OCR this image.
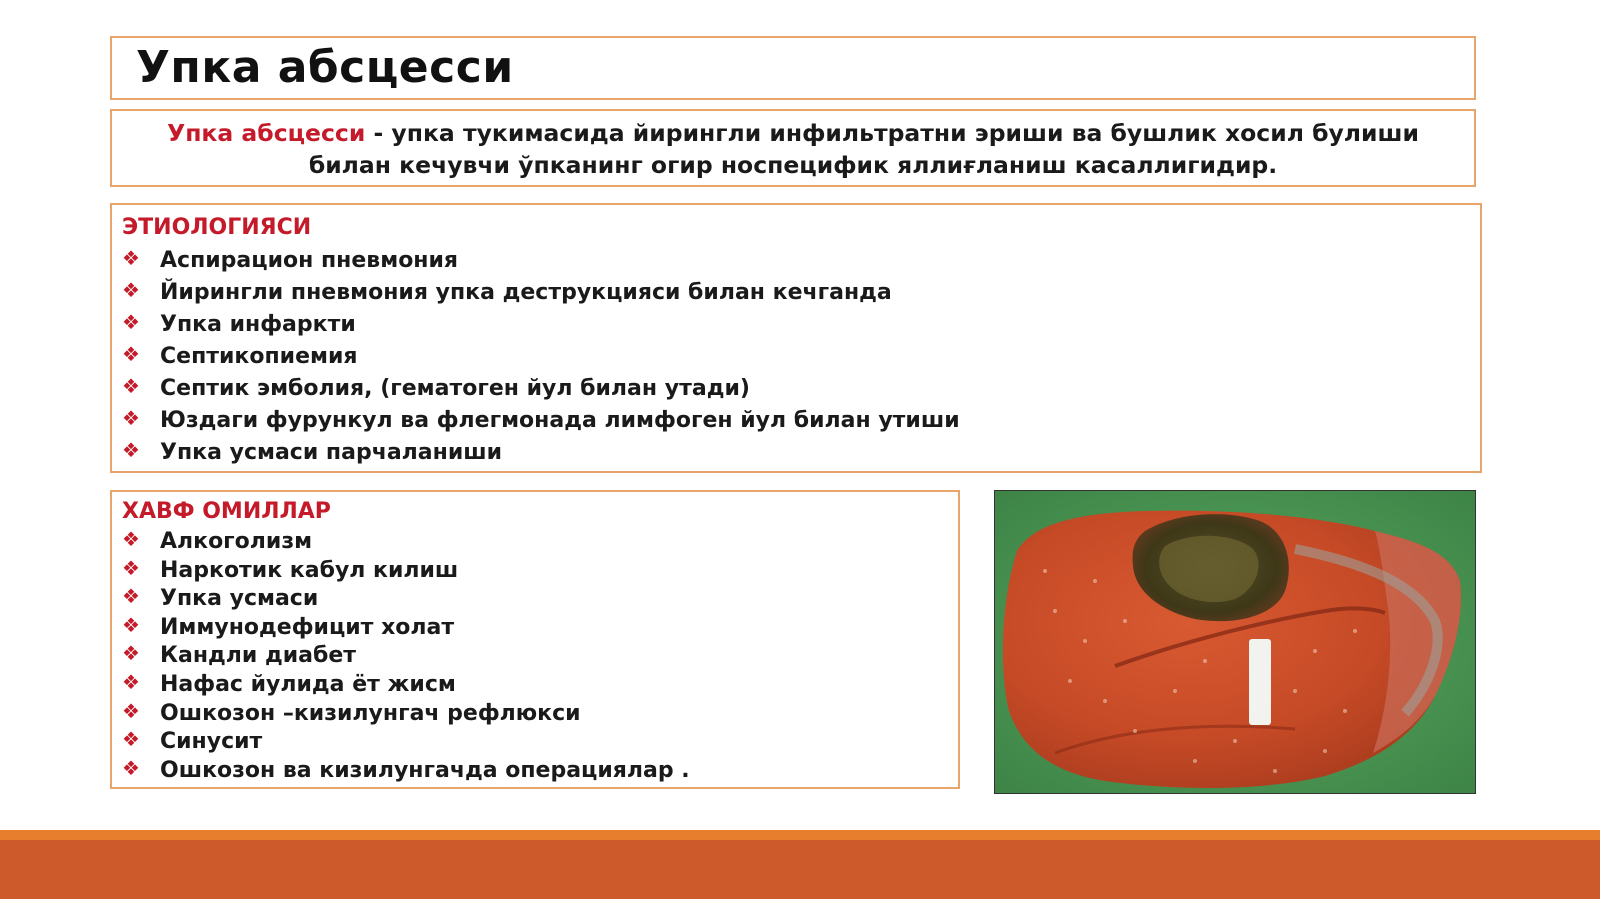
Упка абсцесси
Упка абсцесси - упка тукимасида йирингли инфильтратни эриши ва бушлик хосил булиши билан кечувчи ўпканинг огир носпецифик яллиғланиш касаллигидир.
ЭТИОЛОГИЯСИ
❖ Аспирацион пневмония
❖ Йирингли пневмония упка деструкцияси билан кечганда
❖ Упка инфаркти
❖ Септикопиемия
❖ Септик эмболия, (гематоген йул билан утади)
❖ Юздаги фурункул ва флегмонада лимфоген йул билан утиши
❖ Упка усмаси парчаланиши
ХАВФ ОМИЛЛАР
❖ Алкоголизм
❖ Наркотик кабул килиш
❖ Упка усмаси
❖ Иммунодефицит холат
❖ Кандли диабет
❖ Нафас йулида ёт жисм
❖ Ошкозон –кизилунгач рефлюкси
❖ Синусит
❖ Ошкозон ва кизилунгачда операциялар .
